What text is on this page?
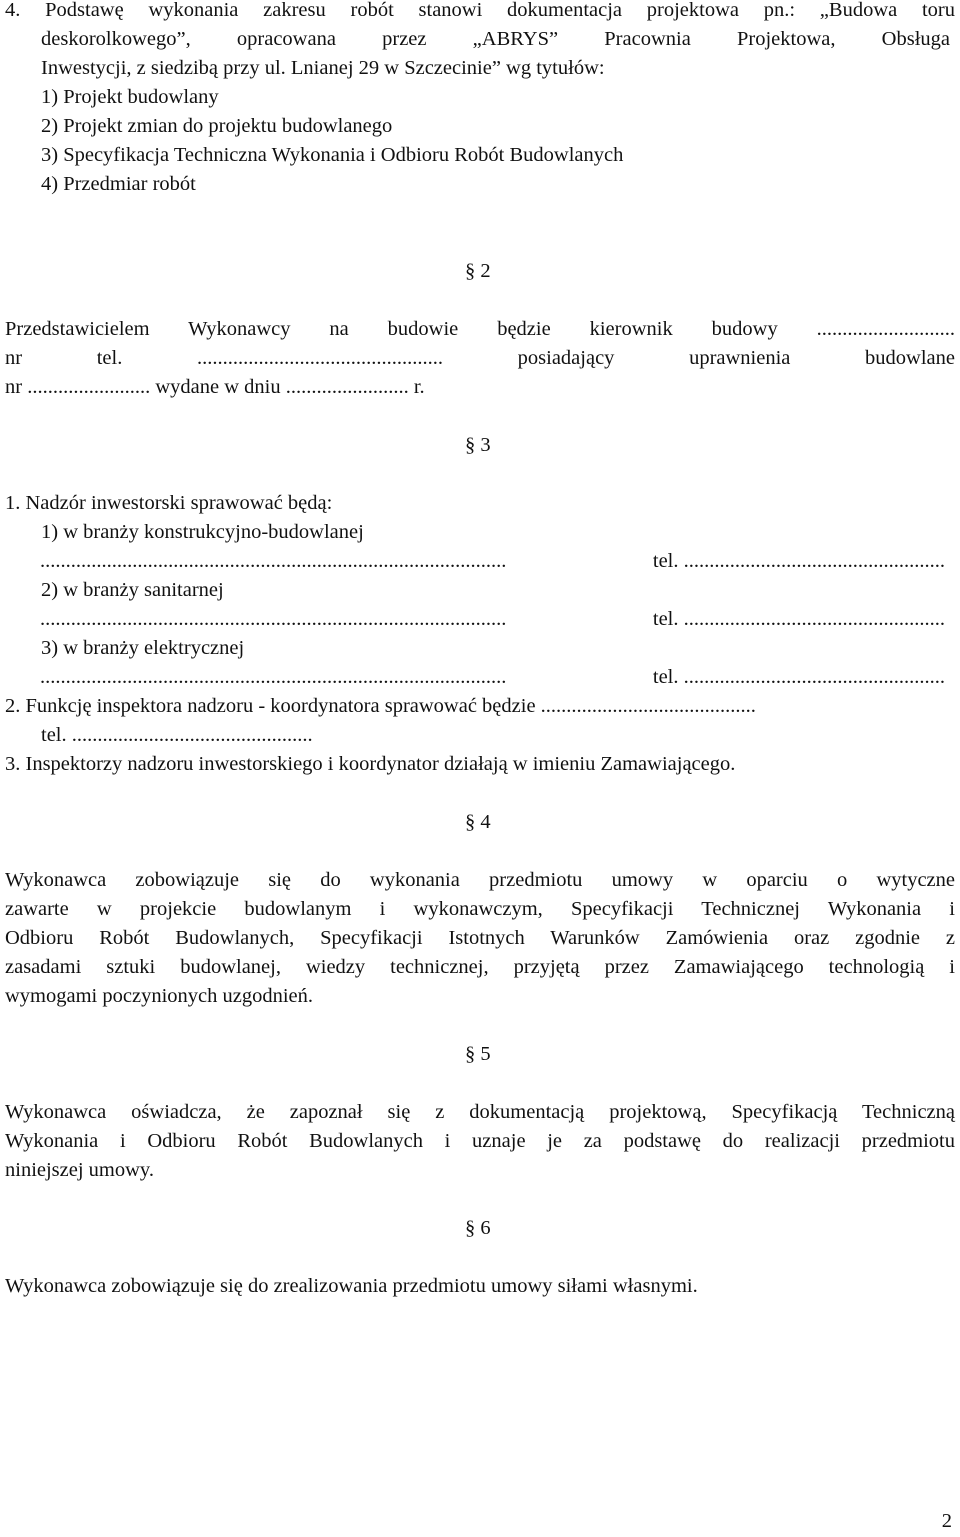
4. Podstawę wykonania zakresu robót stanowi dokumentacja projektowa pn.: „Budowa toru
deskorolkowego”, opracowana przez „ABRYS” Pracownia Projektowa, Obsługa
Inwestycji, z siedzibą przy ul. Lnianej 29 w Szczecinie” wg tytułów:
1) Projekt budowlany
2) Projekt zmian do projektu budowlanego
3) Specyfikacja Techniczna Wykonania i Odbioru Robót Budowlanych
4) Przedmiar robót
§ 2
Przedstawicielem Wykonawcy na budowie będzie kierownik budowy ...........................
nr tel. ................................................ posiadający uprawnienia budowlane
nr ........................ wydane w dniu ........................ r.
§ 3
1. Nadzór inwestorski sprawować będą:
1) w branży konstrukcyjno-budowlanej
...........................................................................................	tel. ...................................................
2) w branży sanitarnej
...........................................................................................	tel. ...................................................
3) w branży elektrycznej
...........................................................................................	tel. ...................................................
2. Funkcję inspektora nadzoru - koordynatora sprawować będzie ..........................................
tel. ...............................................
3. Inspektorzy nadzoru inwestorskiego i koordynator działają w imieniu Zamawiającego.
§ 4
Wykonawca zobowiązuje się do wykonania przedmiotu umowy w oparciu o wytyczne
zawarte w projekcie budowlanym i wykonawczym, Specyfikacji Technicznej Wykonania i
Odbioru Robót Budowlanych, Specyfikacji Istotnych Warunków Zamówienia oraz zgodnie z
zasadami sztuki budowlanej, wiedzy technicznej, przyjętą przez Zamawiającego technologią i
wymogami poczynionych uzgodnień.
§ 5
Wykonawca oświadcza, że zapoznał się z dokumentacją projektową, Specyfikacją Techniczną
Wykonania i Odbioru Robót Budowlanych i uznaje je za podstawę do realizacji przedmiotu
niniejszej umowy.
§ 6
Wykonawca zobowiązuje się do zrealizowania przedmiotu umowy siłami własnymi.
2
